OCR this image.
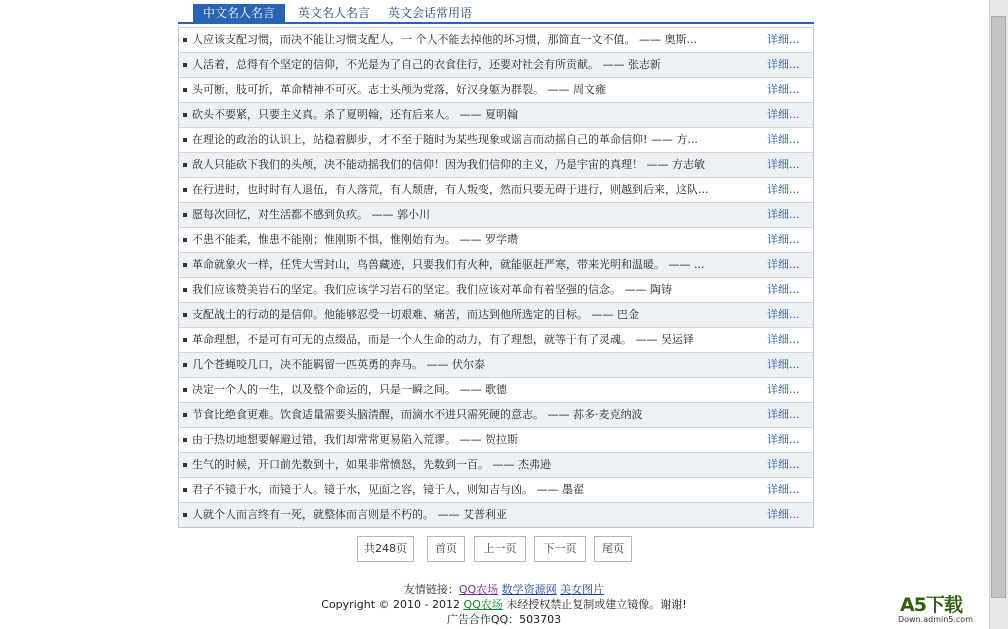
中文名人名言	英文名人名言 英文会话常用语
人应该支配习惯，而决不能让习惯支配人，一 个人不能去掉他的坏习惯，那简直一文不值。 —— 奥斯...	详细...
人活着，总得有个坚定的信仰，不光是为了自己的衣食住行，还要对社会有所贡献。 —— 张志新	详细...
头可断，肢可折，革命精神不可灭。志士头颅为党落，好汉身躯为群裂。 —— 周文雍	详细...
砍头不要紧，只要主义真。杀了夏明翰，还有后来人。 —— 夏明翰	详细...
在理论的政治的认识上，站稳着脚步，才不至于随时为某些现象或谣言而动摇自己的革命信仰! —— 方...	详细...
敌人只能砍下我们的头颅，决不能动摇我们的信仰！因为我们信仰的主义，乃是宇宙的真理！ —— 方志敏	详细...
在行进时，也时时有人退伍，有人落荒，有人颓唐，有人叛变，然而只要无碍于进行，则越到后来，这队...	详细...
愿每次回忆，对生活都不感到负疚。 —— 郭小川	详细...
不患不能柔，惟患不能刚；惟刚斯不惧，惟刚始有为。 —— 罗学瓒	详细...
革命就象火一样，任凭大雪封山，鸟兽藏迹，只要我们有火种，就能驱赶严寒，带来光明和温暖。 —— ...	详细...
我们应该赞美岩石的坚定。我们应该学习岩石的坚定。我们应该对革命有着坚强的信念。 —— 陶铸	详细...
支配战士的行动的是信仰。他能够忍受一切艰难、痛苦，而达到他所选定的目标。 —— 巴金	详细...
革命理想，不是可有可无的点缀品，而是一个人生命的动力，有了理想，就等于有了灵魂。 —— 吴运铎	详细...
几个苍蝇咬几口，决不能羁留一匹英勇的奔马。 —— 伏尔泰	详细...
决定一个人的一生，以及整个命运的，只是一瞬之间。 —— 歌德	详细...
节食比绝食更难。饮食适量需要头脑清醒，而滴水不进只需死硬的意志。 —— 荪多·麦克纳波	详细...
由于热切地想要解避过错，我们却常常更易陷入荒谬。 —— 贺拉斯	详细...
生气的时候，开口前先数到十，如果非常愤怒，先数到一百。 —— 杰弗逊	详细...
君子不镜于水，而镜于人。镜于水，见面之容，镜于人，则知吉与凶。 —— 墨翟	详细...
人就个人而言终有一死，就整体而言则是不朽的。 —— 艾普利亚	详细...
共248页	首页	上一页	下一页	尾页
友情链接：QQ农场 数学资源网 美女图片
Copyright © 2010 - 2012 QQ农场 未经授权禁止复制或建立镜像。谢谢!
广告合作QQ：503703
A5下载
Down.admin5.com
